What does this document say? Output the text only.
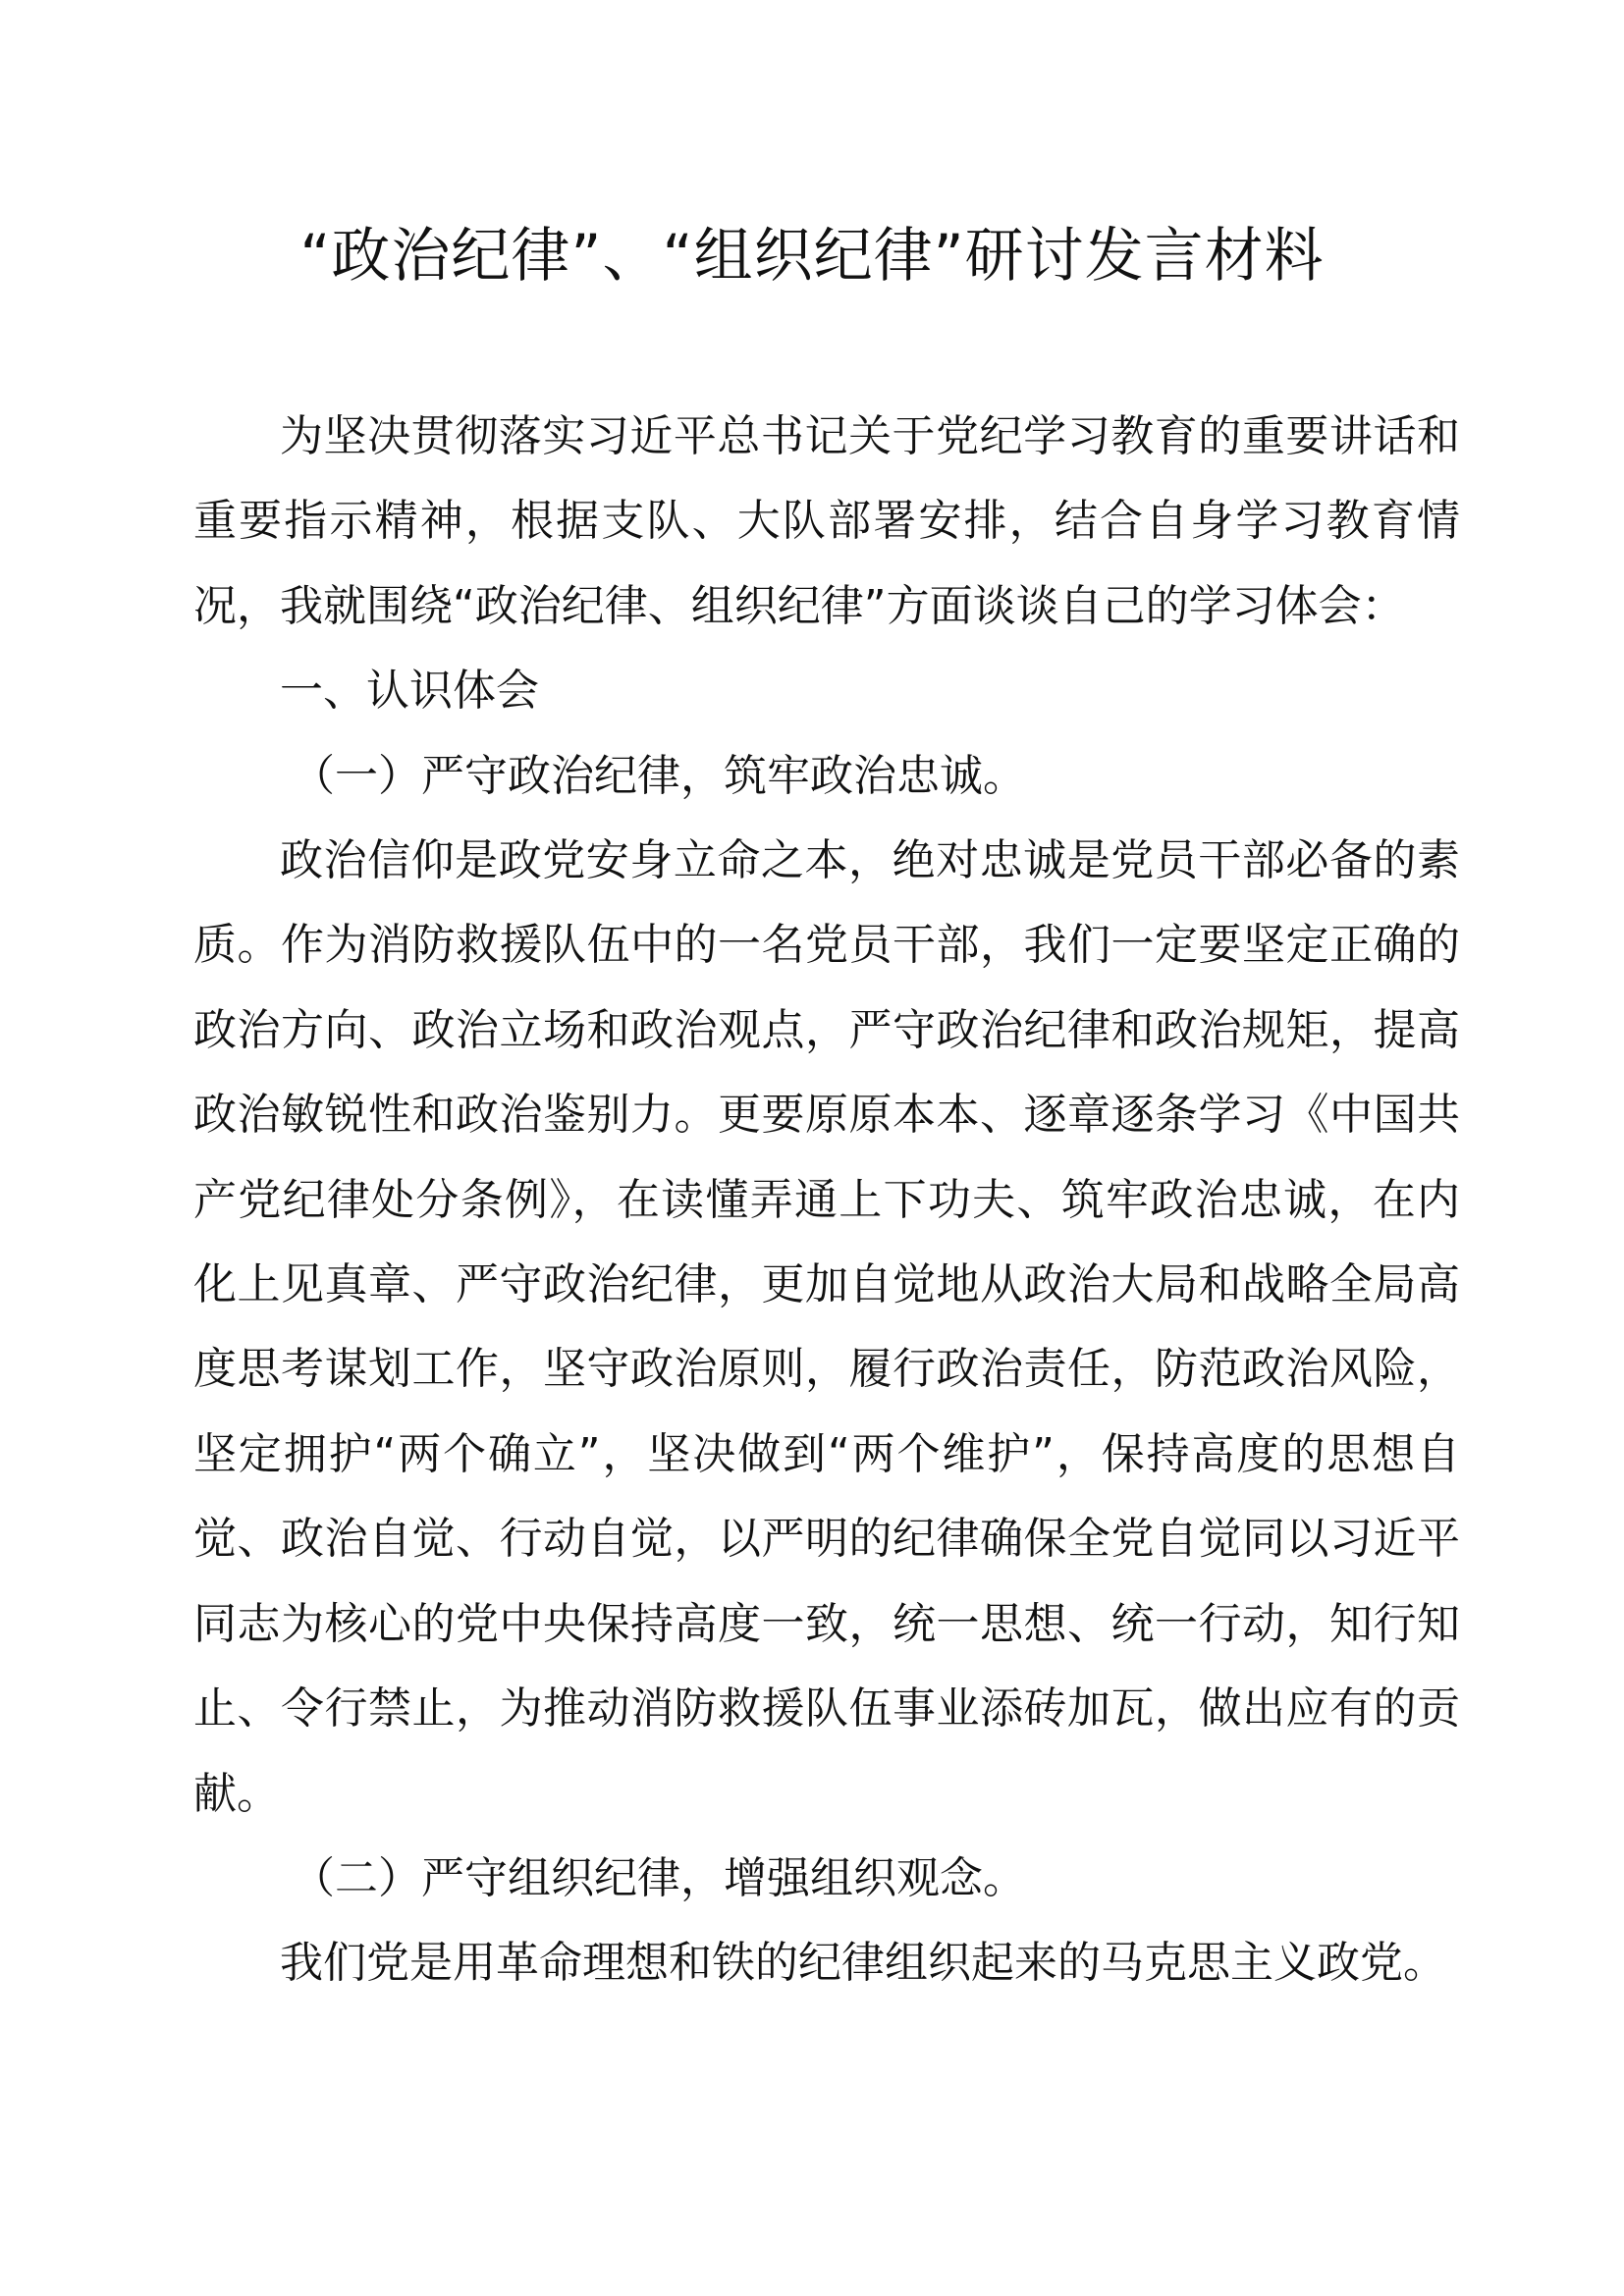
“政治纪律”、“组织纪律”研讨发言材料

为坚决贯彻落实习近平总书记关于党纪学习教育的重要讲话和重要指示精神，根据支队、大队部署安排，结合自身学习教育情况，我就围绕“政治纪律、组织纪律”方面谈谈自己的学习体会：

一、认识体会

（一）严守政治纪律，筑牢政治忠诚。

政治信仰是政党安身立命之本，绝对忠诚是党员干部必备的素质。作为消防救援队伍中的一名党员干部，我们一定要坚定正确的政治方向、政治立场和政治观点，严守政治纪律和政治规矩，提高政治敏锐性和政治鉴别力。更要原原本本、逐章逐条学习《中国共产党纪律处分条例》，在读懂弄通上下功夫、筑牢政治忠诚，在内化上见真章、严守政治纪律，更加自觉地从政治大局和战略全局高度思考谋划工作，坚守政治原则，履行政治责任，防范政治风险，坚定拥护“两个确立”，坚决做到“两个维护”，保持高度的思想自觉、政治自觉、行动自觉，以严明的纪律确保全党自觉同以习近平同志为核心的党中央保持高度一致，统一思想、统一行动，知行知止、令行禁止，为推动消防救援队伍事业添砖加瓦，做出应有的贡献。

（二）严守组织纪律，增强组织观念。

我们党是用革命理想和铁的纪律组织起来的马克思主义政党。
